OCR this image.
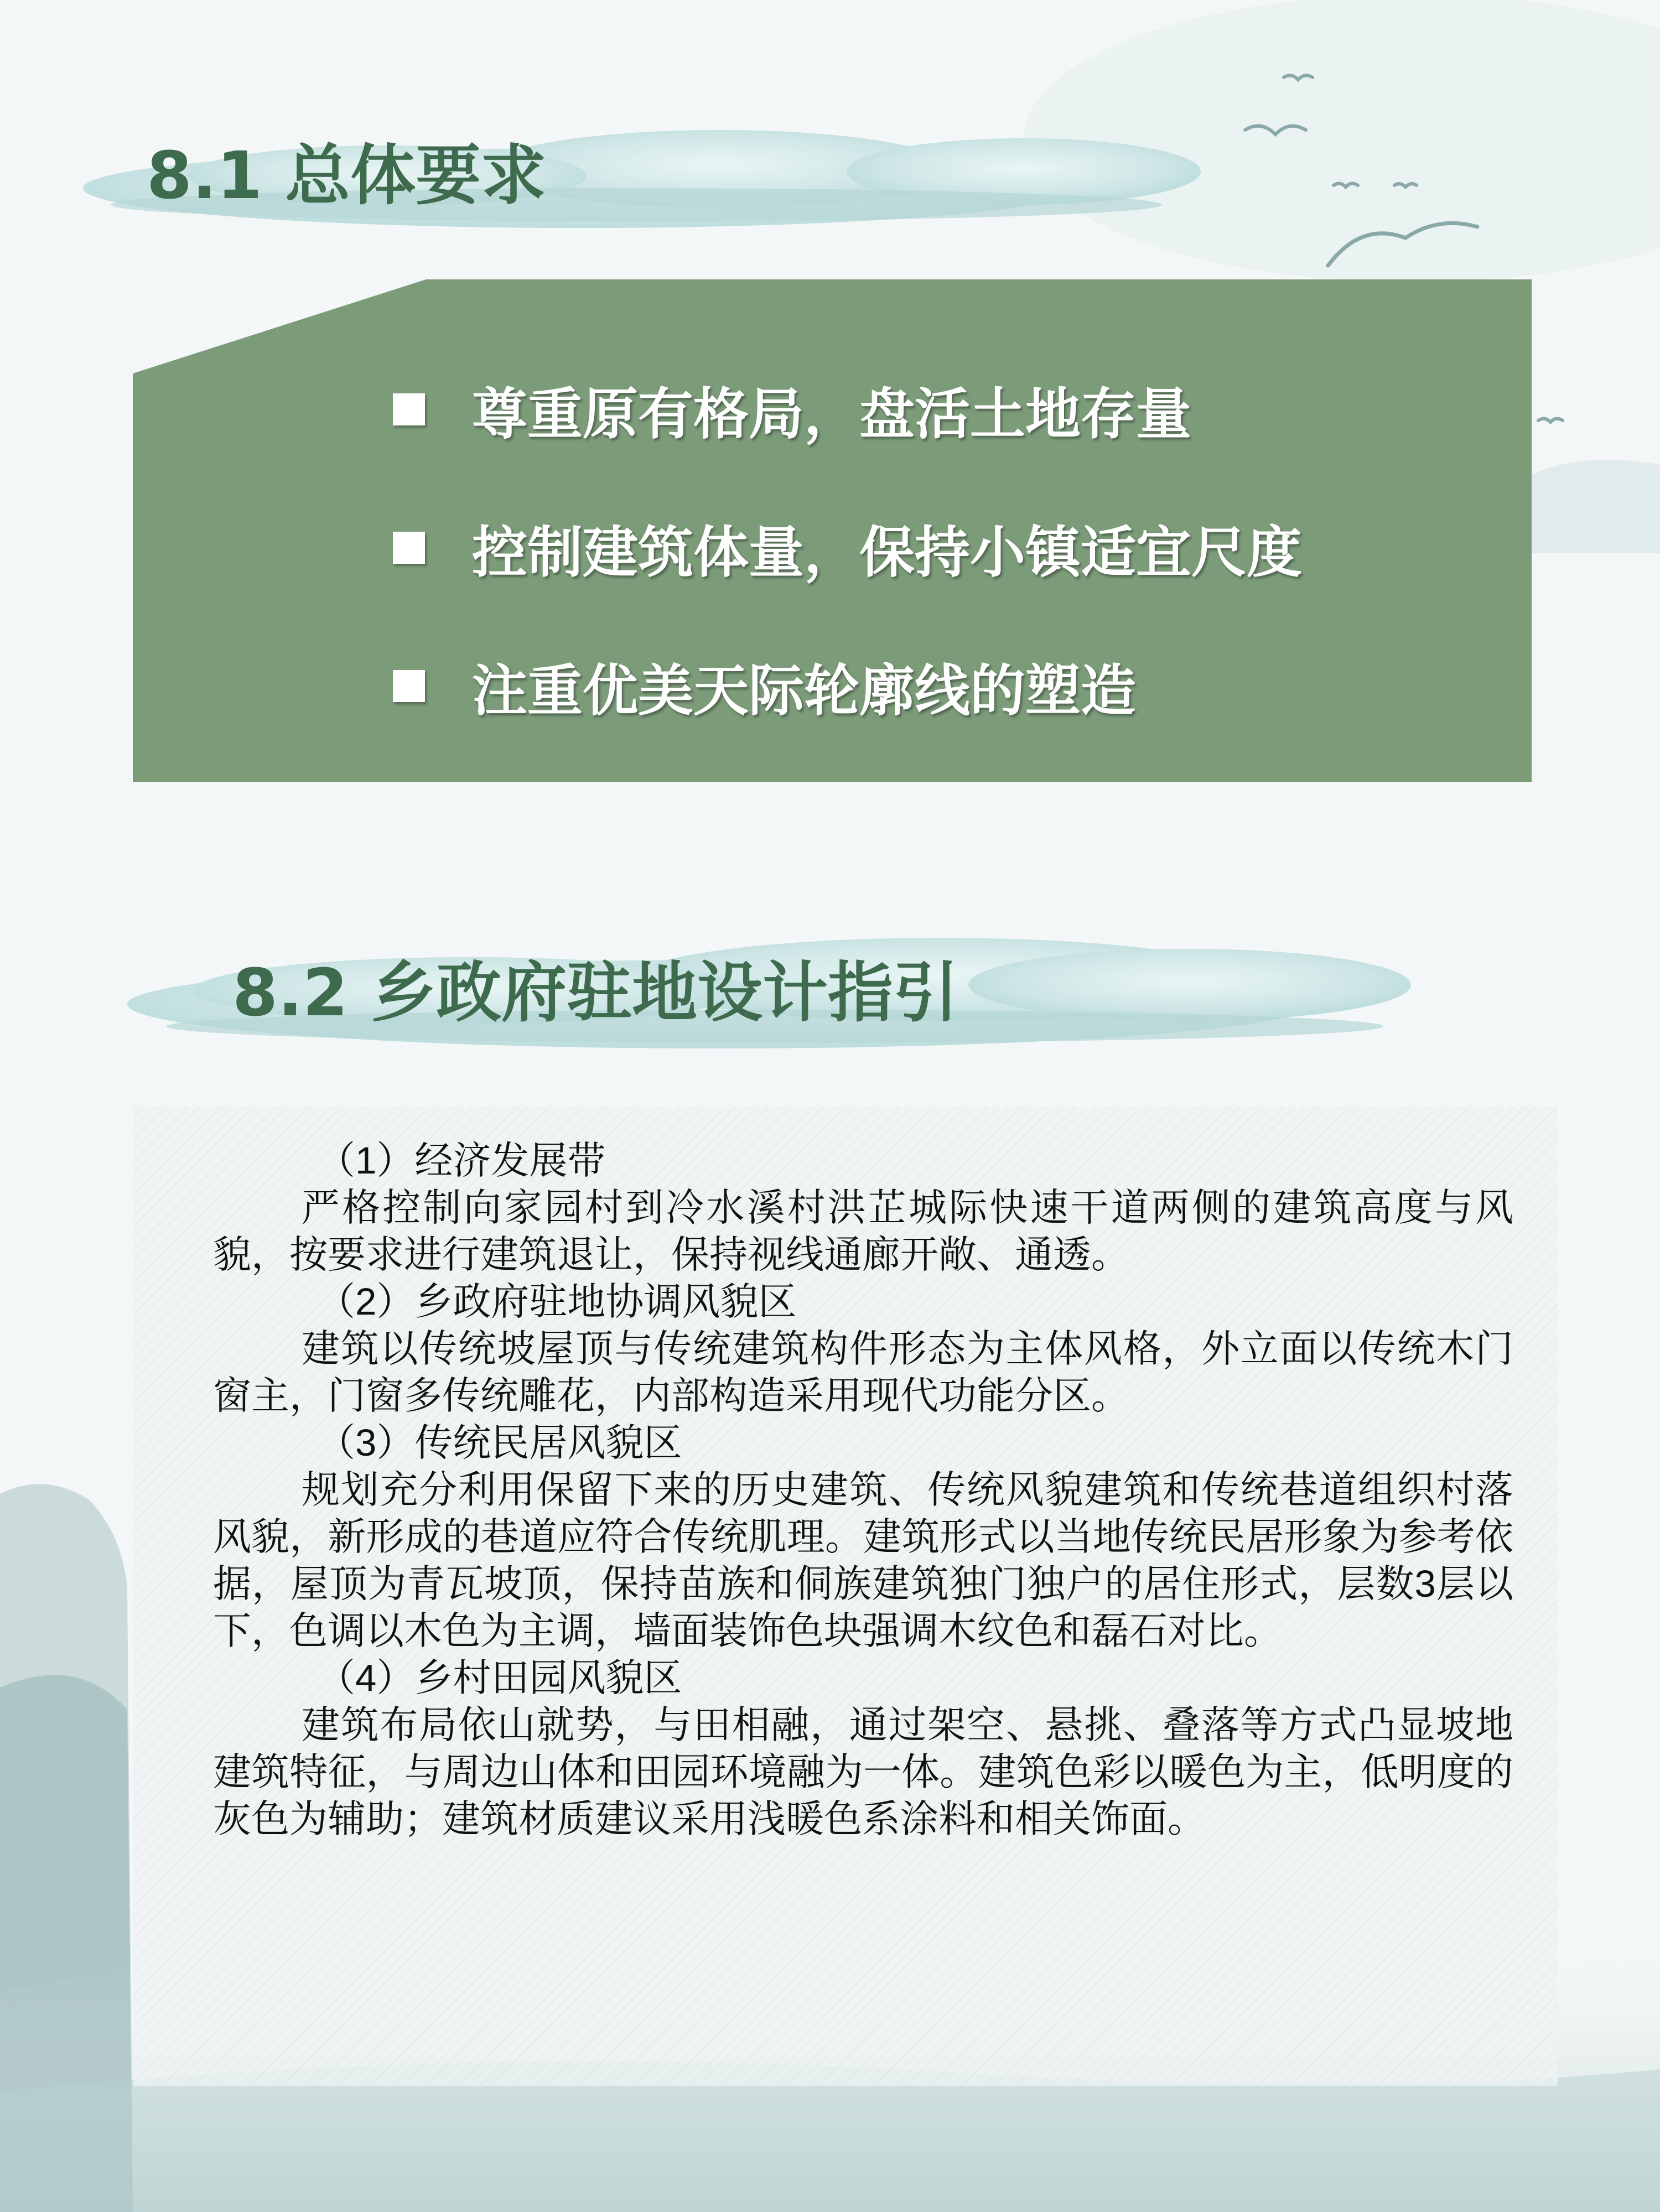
8.1 总体要求
尊重原有格局，盘活土地存量
控制建筑体量，保持小镇适宜尺度
注重优美天际轮廓线的塑造
8.2 乡政府驻地设计指引

（1）经济发展带

严格控制向家园村到冷水溪村洪芷城际快速干道两侧的建筑高度与风貌，按要求进行建筑退让，保持视线通廊开敞、通透。

（2）乡政府驻地协调风貌区

建筑以传统坡屋顶与传统建筑构件形态为主体风格，外立面以传统木门窗主，门窗多传统雕花，内部构造采用现代功能分区。

（3）传统民居风貌区

规划充分利用保留下来的历史建筑、传统风貌建筑和传统巷道组织村落风貌，新形成的巷道应符合传统肌理。建筑形式以当地传统民居形象为参考依据，屋顶为青瓦坡顶，保持苗族和侗族建筑独门独户的居住形式，层数3层以下，色调以木色为主调，墙面装饰色块强调木纹色和磊石对比。

（4）乡村田园风貌区

建筑布局依山就势，与田相融，通过架空、悬挑、叠落等方式凸显坡地建筑特征，与周边山体和田园环境融为一体。建筑色彩以暖色为主，低明度的灰色为辅助；建筑材质建议采用浅暖色系涂料和相关饰面。
